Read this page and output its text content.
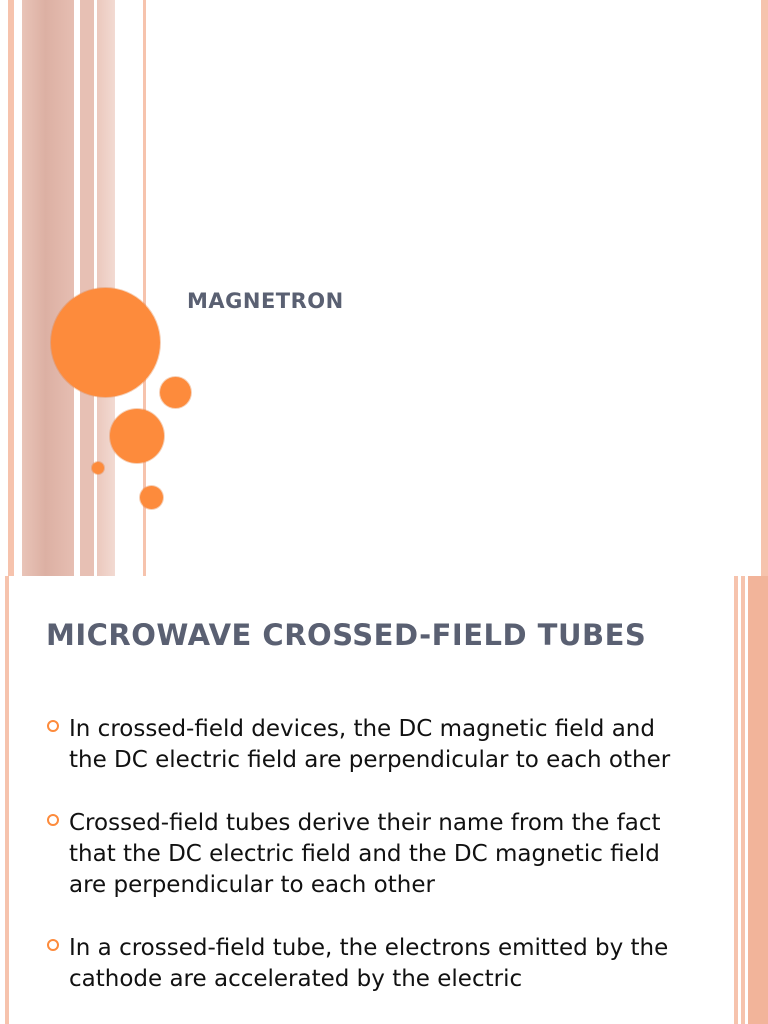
MAGNETRON
MICROWAVE CROSSED-FIELD TUBES
In crossed-field devices, the DC magnetic field and the DC electric field are perpendicular to each other
Crossed-field tubes derive their name from the fact that the DC electric field and the DC magnetic field are perpendicular to each other
In a crossed-field tube, the electrons emitted by the cathode are accelerated by the electric
